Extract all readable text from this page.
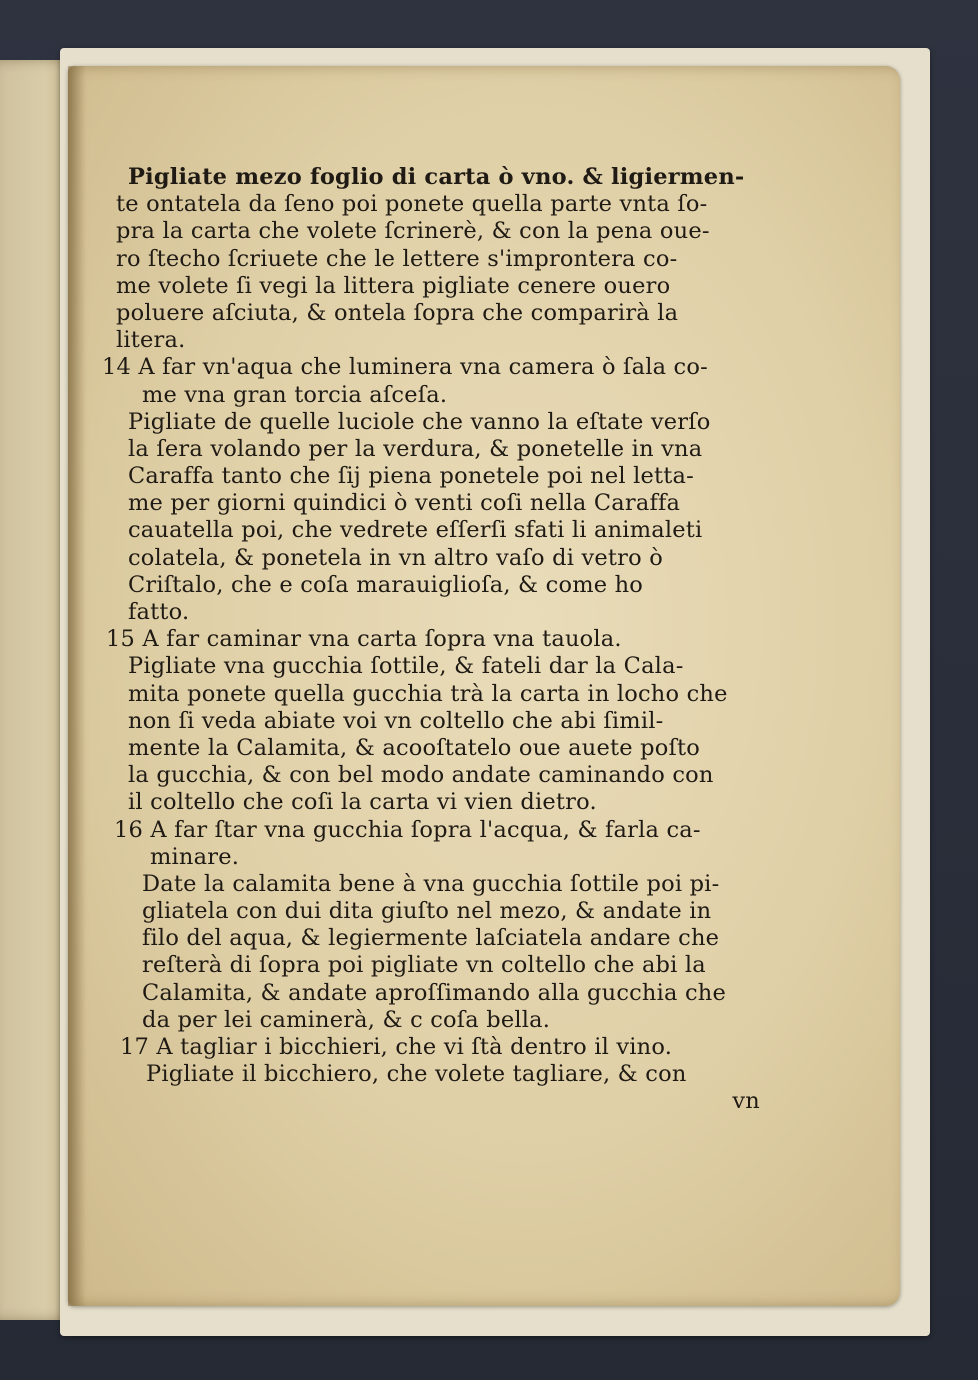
Pigliate mezo foglio di carta ò vno. & ligiermen-
te ontatela da ſeno poi ponete quella parte vnta ſo-
pra la carta che volete ſcrinerè, & con la pena oue-
ro ſtecho ſcriuete che le lettere s'improntera co-
me volete ſi vegi la littera pigliate cenere ouero
poluere aſciuta, & ontela ſopra che comparirà la
litera.
14 A far vn'aqua che luminera vna camera ò ſala co-
me vna gran torcia aſceſa.
Pigliate de quelle luciole che vanno la eſtate verſo
la ſera volando per la verdura, & ponetelle in vna
Caraffa tanto che ſij piena ponetele poi nel letta-
me per giorni quindici ò venti coſi nella Caraffa
cauatella poi, che vedrete eſſerſi sfati li animaleti
colatela, & ponetela in vn altro vaſo di vetro ò
Criſtalo, che e coſa marauiglioſa, & come ho
fatto.
15 A far caminar vna carta ſopra vna tauola.
Pigliate vna gucchia ſottile, & fateli dar la Cala-
mita ponete quella gucchia trà la carta in locho che
non ſi veda abiate voi vn coltello che abi ſimil-
mente la Calamita, & acooſtatelo oue auete poſto
la gucchia, & con bel modo andate caminando con
il coltello che coſi la carta vi vien dietro.
16 A far ſtar vna gucchia ſopra l'acqua, & farla ca-
minare.
Date la calamita bene à vna gucchia ſottile poi pi-
gliatela con dui dita giuſto nel mezo, & andate in
filo del aqua, & legiermente laſciatela andare che
reſterà di ſopra poi pigliate vn coltello che abi la
Calamita, & andate aproſſimando alla gucchia che
da per lei caminerà, & c coſa bella.
17 A tagliar i bicchieri, che vi ſtà dentro il vino.
Pigliate il bicchiero, che volete tagliare, & con
vn
